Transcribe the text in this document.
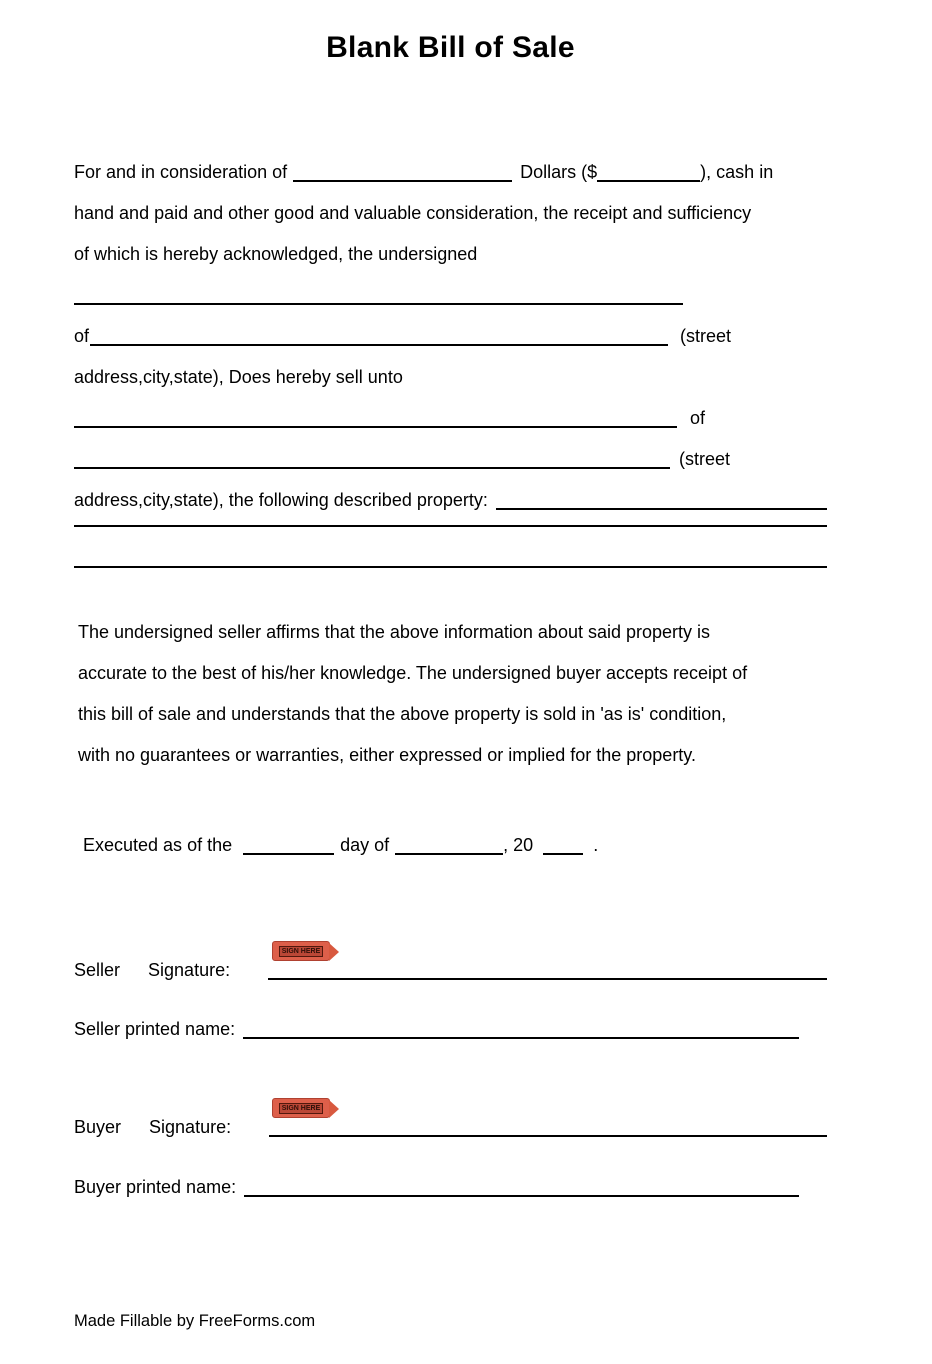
Blank Bill of Sale
For and in consideration of	Dollars ($	), cash in
hand and paid and other good and valuable consideration, the receipt and sufficiency
of which is hereby acknowledged, the undersigned
of	(street
address,city,state), Does hereby sell unto
of
(street
address,city,state), the following described property:
The undersigned seller affirms that the above information about said property is
accurate to the best of his/her knowledge. The undersigned buyer accepts receipt of
this bill of sale and understands that the above property is sold in 'as is' condition,
with no guarantees or warranties, either expressed or implied for the property.
Executed as of the	day of	, 20	.
Seller Signature:
Seller printed name:
Buyer Signature:
Buyer printed name:
SIGN HERE
SIGN HERE
Made Fillable by FreeForms.com
